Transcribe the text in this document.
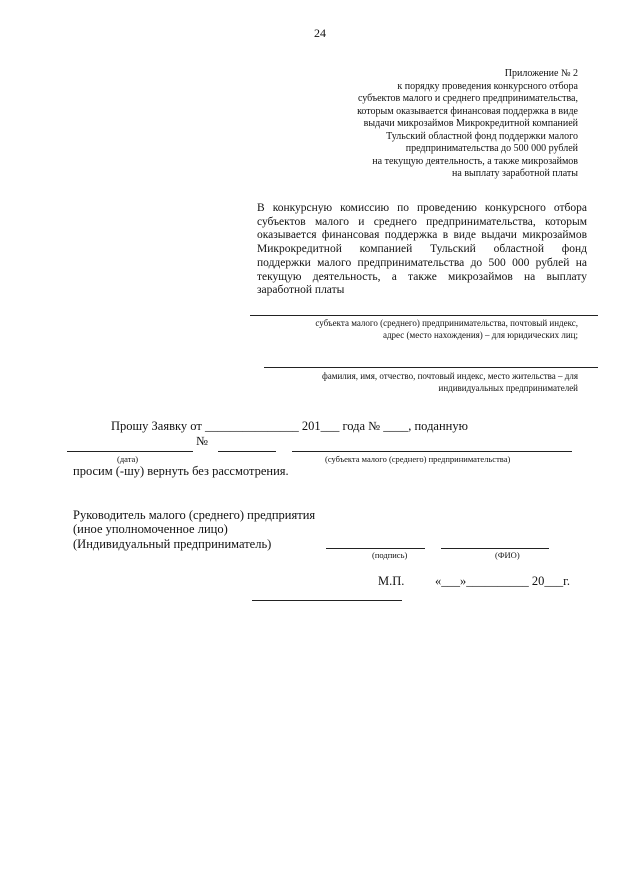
24
Приложение № 2
к порядку проведения конкурсного отбора
субъектов малого и среднего предпринимательства,
которым оказывается финансовая поддержка в виде
выдачи микрозаймов Микрокредитной компанией
Тульский областной фонд поддержки малого
предпринимательства до 500 000 рублей
на текущую деятельность, а также микрозаймов
на выплату заработной платы
В конкурсную комиссию по проведению конкурсного отбора
субъектов малого и среднего предпринимательства, которым
оказывается финансовая поддержка в виде выдачи микрозаймов
Микрокредитной компанией Тульский областной фонд
поддержки малого предпринимательства до 500 000 рублей на
текущую деятельность, а также микрозаймов на выплату
заработной платы
субъекта малого (среднего) предпринимательства, почтовый индекс,
адрес (место нахождения) – для юридических лиц;
фамилия, имя, отчество, почтовый индекс, место жительства – для
индивидуальных предпринимателей
Прошу Заявку от _______________ 201___ года № ____, поданную
№
(дата)	(субъекта малого (среднего) предпринимательства)
просим (-шу) вернуть без рассмотрения.
Руководитель малого (среднего) предприятия
(иное уполномоченное лицо)
(Индивидуальный предприниматель)
(подпись)	(ФИО)
М.П. «___»__________ 20___г.
